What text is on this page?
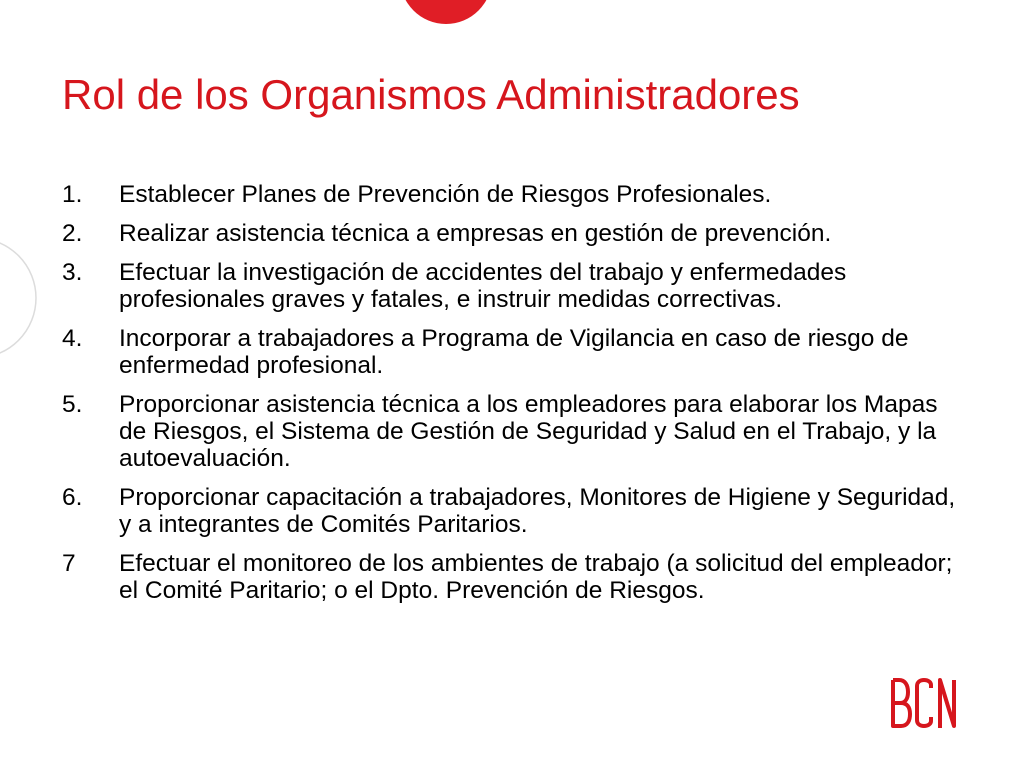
Rol de los Organismos Administradores
1.	Establecer Planes de Prevención de Riesgos Profesionales.
2.	Realizar asistencia técnica a empresas en gestión de prevención.
3.	Efectuar la investigación de accidentes del trabajo y enfermedades profesionales graves y fatales, e instruir medidas correctivas.
4.	Incorporar a trabajadores a Programa de Vigilancia en caso de riesgo de enfermedad profesional.
5.	Proporcionar asistencia técnica a los empleadores para elaborar los Mapas de Riesgos, el Sistema de Gestión de Seguridad y Salud en el Trabajo, y la autoevaluación.
6.	Proporcionar capacitación a trabajadores, Monitores de Higiene y Seguridad, y a integrantes de Comités Paritarios.
7	Efectuar el monitoreo de los ambientes de trabajo (a solicitud del empleador; el Comité Paritario; o el Dpto. Prevención de Riesgos.
